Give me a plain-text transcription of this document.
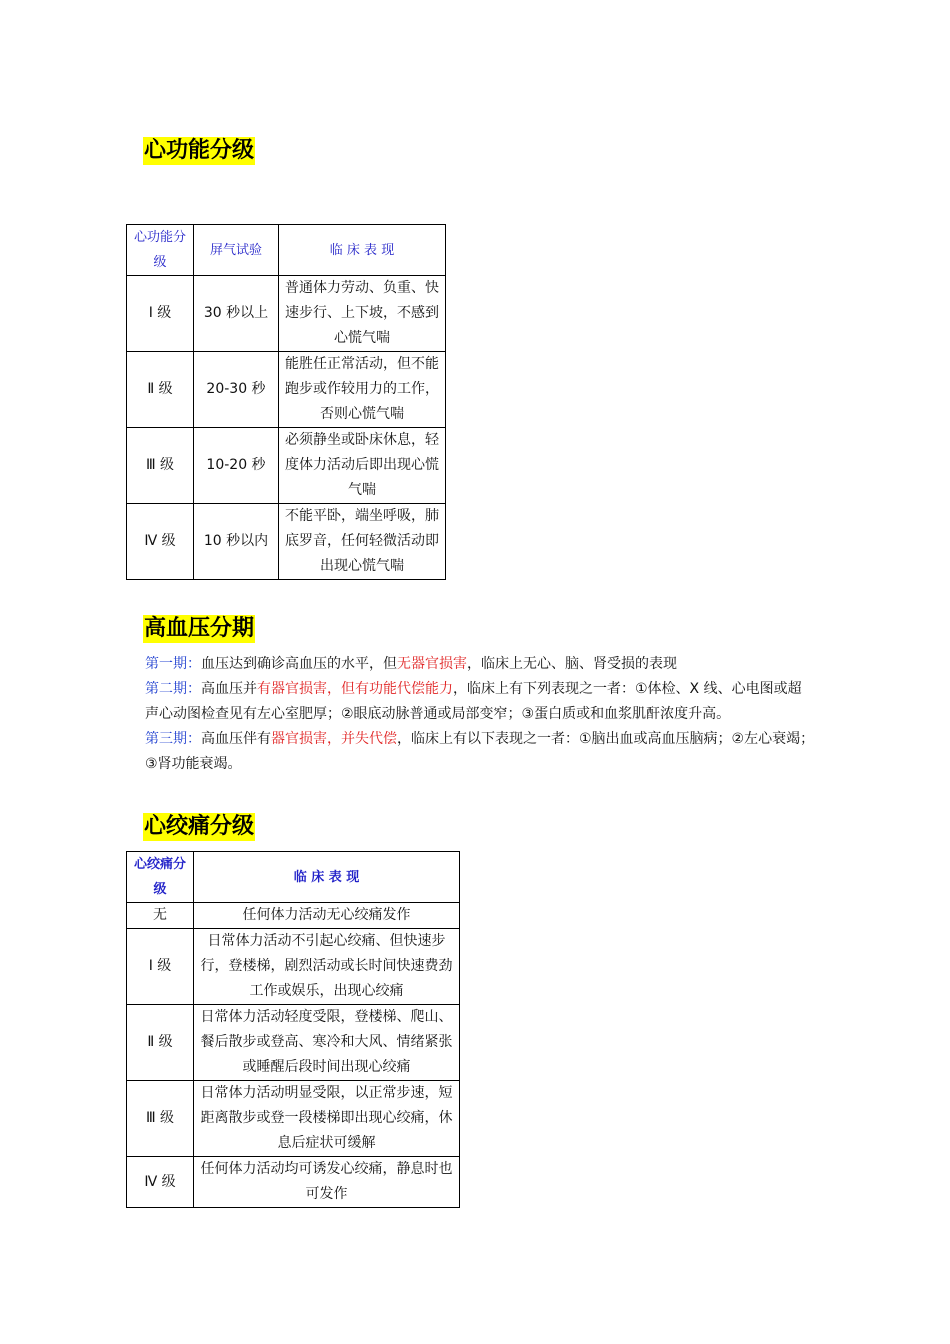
心功能分级
心功能分级	屏气试验	临 床 表 现
Ⅰ 级	30 秒以上	普通体力劳动、负重、快速步行、上下坡，不感到心慌气喘
Ⅱ 级	20-30 秒	能胜任正常活动，但不能跑步或作较用力的工作，否则心慌气喘
Ⅲ 级	10-20 秒	必须静坐或卧床休息，轻度体力活动后即出现心慌气喘
Ⅳ 级	10 秒以内	不能平卧，端坐呼吸，肺底罗音，任何轻微活动即出现心慌气喘
高血压分期
第一期：血压达到确诊高血压的水平，但无器官损害，临床上无心、脑、肾受损的表现
第二期：高血压并有器官损害，但有功能代偿能力，临床上有下列表现之一者：①体检、X 线、心电图或超声心动图检查见有左心室肥厚；②眼底动脉普通或局部变窄；③蛋白质或和血浆肌酐浓度升高。
第三期：高血压伴有器官损害，并失代偿，临床上有以下表现之一者：①脑出血或高血压脑病；②左心衰竭；③肾功能衰竭。
心绞痛分级
心绞痛分级	临 床 表 现
无	任何体力活动无心绞痛发作
Ⅰ 级	日常体力活动不引起心绞痛、但快速步行，登楼梯，剧烈活动或长时间快速费劲工作或娱乐，出现心绞痛
Ⅱ 级	日常体力活动轻度受限，登楼梯、爬山、餐后散步或登高、寒冷和大风、情绪紧张或睡醒后段时间出现心绞痛
Ⅲ 级	日常体力活动明显受限，以正常步速，短距离散步或登一段楼梯即出现心绞痛，休息后症状可缓解
Ⅳ 级	任何体力活动均可诱发心绞痛，静息时也可发作
